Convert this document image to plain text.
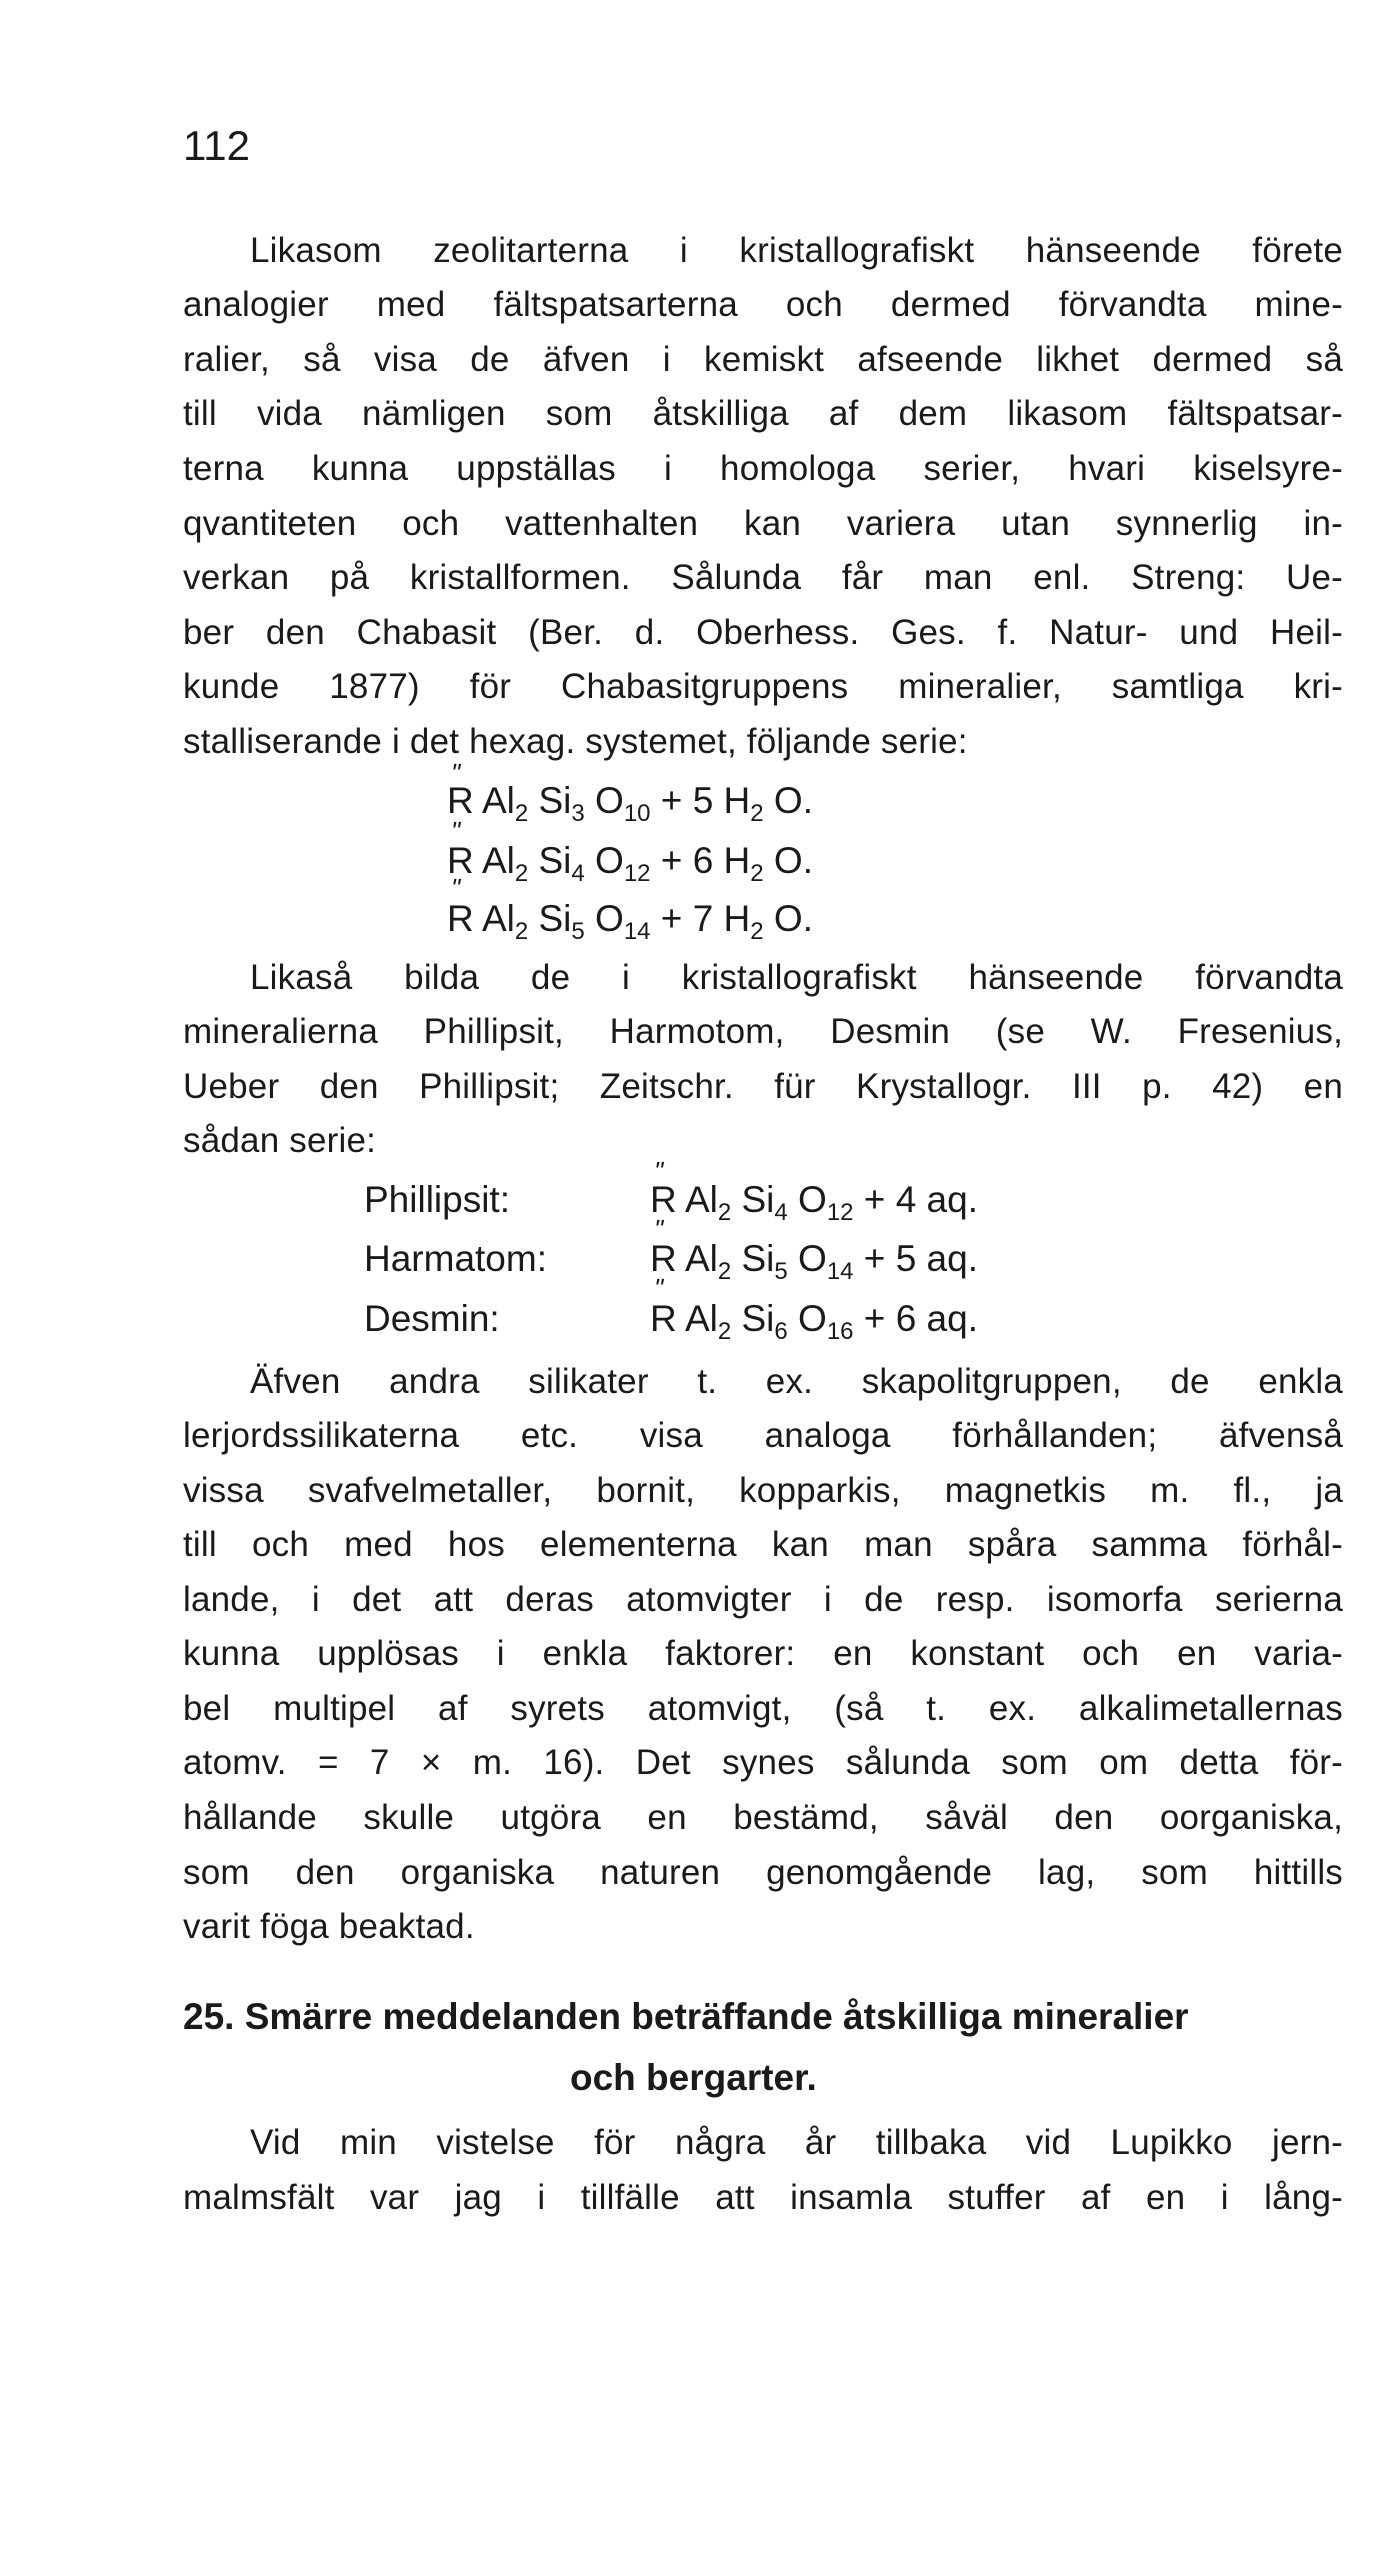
112
Likasom zeolitarterna i kristallografiskt hänseende förete
analogier med fältspatsarterna och dermed förvandta mine-
ralier, så visa de äfven i kemiskt afseende likhet dermed så
till vida nämligen som åtskilliga af dem likasom fältspatsar-
terna kunna uppställas i homologa serier, hvari kiselsyre-
qvantiteten och vattenhalten kan variera utan synnerlig in-
verkan på kristallformen. Sålunda får man enl. Streng: Ue-
ber den Chabasit (Ber. d. Oberhess. Ges. f. Natur- und Heil-
kunde 1877) för Chabasitgruppens mineralier, samtliga kri-
stalliserande i det hexag. systemet, följande serie:
ʺ
R $Al_2$ $Si_3$ $O_{10} + 5$ $H_2$ O.
ʺ
R $Al_2$ $Si_4$ $O_{12} + 6$ $H_2$ O.
ʺ
R $Al_2$ $Si_5$ $O_{14} + 7$ $H_2$ O.
Likaså bilda de i kristallografiskt hänseende förvandta
mineralierna Phillipsit, Harmotom, Desmin (se W. Fresenius,
Ueber den Phillipsit; Zeitschr. für Krystallogr. III p. 42) en
sådan serie:
ʺ
Phillipsit:	R $Al_2$ $Si_4$ $O_{12} + 4$ aq.
ʺ
Harmatom:	R $Al_2$ $Si_5$ $O_{14} + 5$ aq.
ʺ
Desmin:	R $Al_2$ $Si_6$ $O_{16} + 6$ aq.
Äfven andra silikater t. ex. skapolitgruppen, de enkla
lerjordssilikaterna etc. visa analoga förhållanden; äfvenså
vissa svafvelmetaller, bornit, kopparkis, magnetkis m. fl., ja
till och med hos elementerna kan man spåra samma förhål-
lande, i det att deras atomvigter i de resp. isomorfa serierna
kunna upplösas i enkla faktorer: en konstant och en varia-
bel multipel af syrets atomvigt, (så t. ex. alkalimetallernas
atomv. = 7 × m. 16). Det synes sålunda som om detta för-
hållande skulle utgöra en bestämd, såväl den oorganiska,
som den organiska naturen genomgående lag, som hittills
varit föga beaktad.
25. Smärre meddelanden beträffande åtskilliga mineralier
och bergarter.
Vid min vistelse för några år tillbaka vid Lupikko jern-
malmsfält var jag i tillfälle att insamla stuffer af en i lång-
